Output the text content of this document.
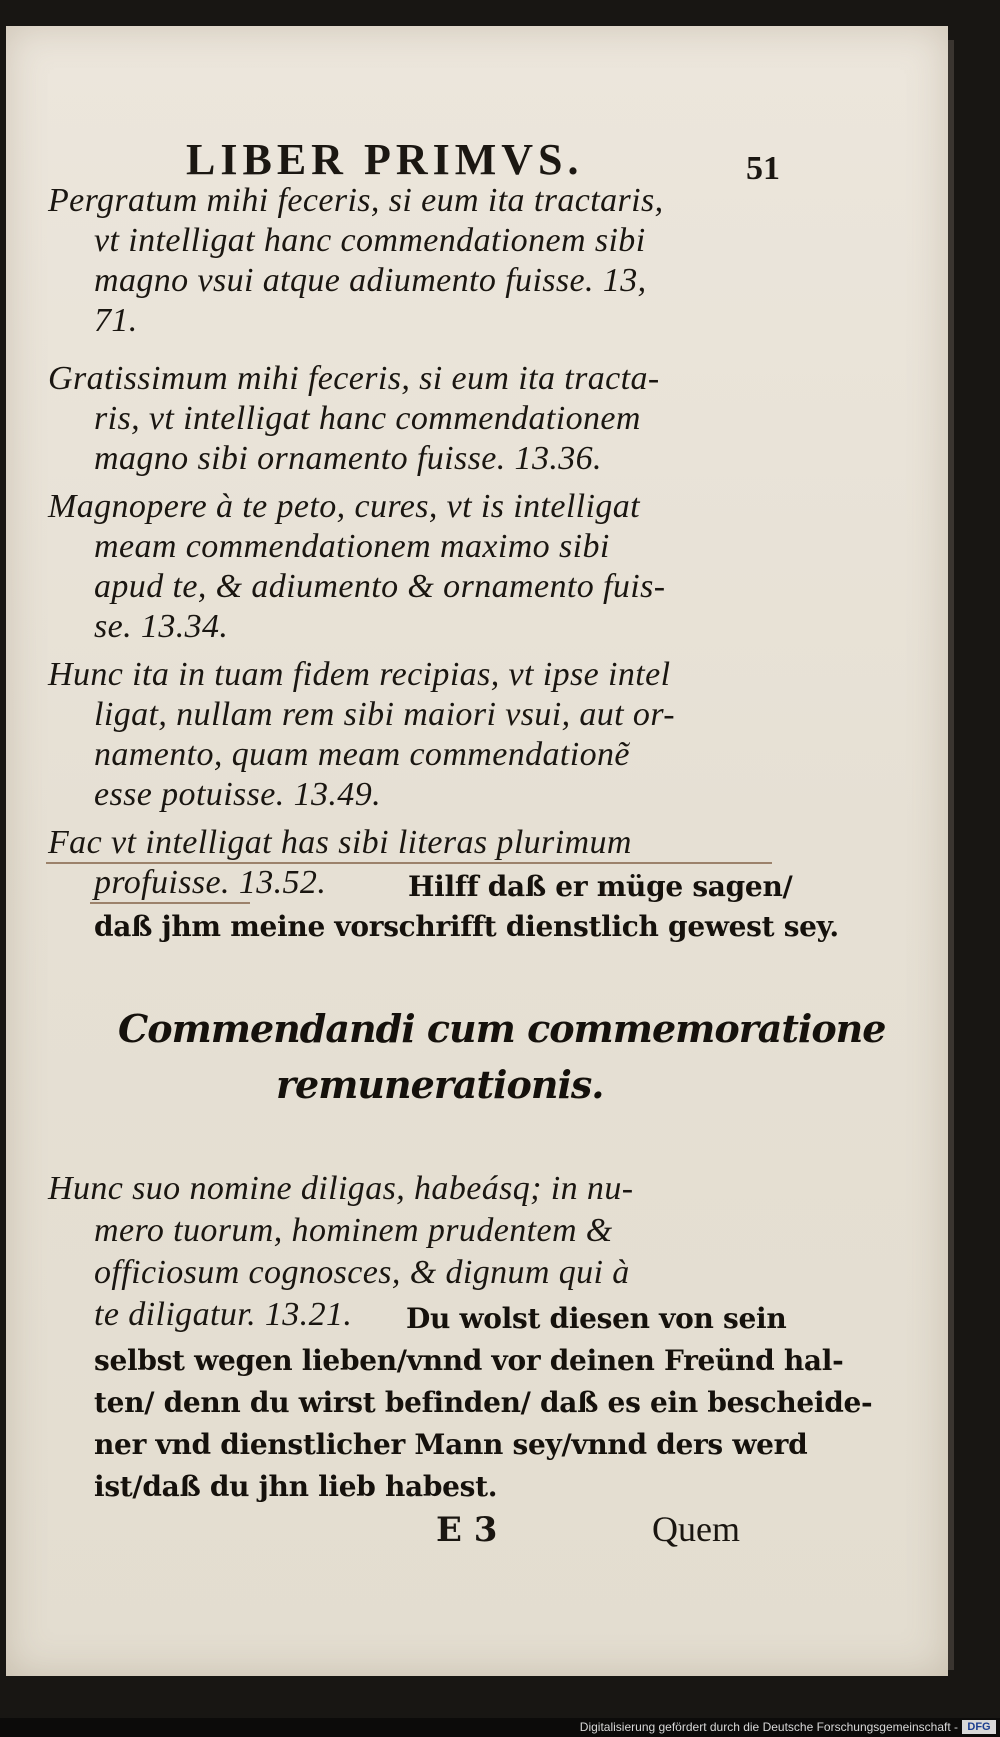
LIBER PRIMVS.	51
Pergratum mihi feceris, si eum ita tractaris,
vt intelligat hanc commendationem sibi
magno vsui atque adiumento fuisse. 13,
71.
Gratissimum mihi feceris, si eum ita tracta-
ris, vt intelligat hanc commendationem
magno sibi ornamento fuisse. 13.36.
Magnopere à te peto, cures, vt is intelligat
meam commendationem maximo sibi
apud te, & adiumento & ornamento fuis-
se. 13.34.
Hunc ita in tuam fidem recipias, vt ipse intel
ligat, nullam rem sibi maiori vsui, aut or-
namento, quam meam commendationẽ
esse potuisse. 13.49.
Fac vt intelligat has sibi literas plurimum
profuisse. 13.52.	Hilff daß er müge sagen/
daß jhm meine vorschrifft dienstlich gewest sey.
Commendandi cum commemoratione
remunerationis.
Hunc suo nomine diligas, habeásq; in nu-
mero tuorum, hominem prudentem &
officiosum cognosces, & dignum qui à
te diligatur. 13.21. Du wolst diesen von sein
selbst wegen lieben/vnnd vor deinen Freünd hal-
ten/ denn du wirst befinden/ daß es ein bescheide-
ner vnd dienstlicher Mann sey/vnnd ders werd
ist/daß du jhn lieb habest.
E 3	Quem
Digitalisierung gefördert durch die Deutsche Forschungsgemeinschaft - DFG
